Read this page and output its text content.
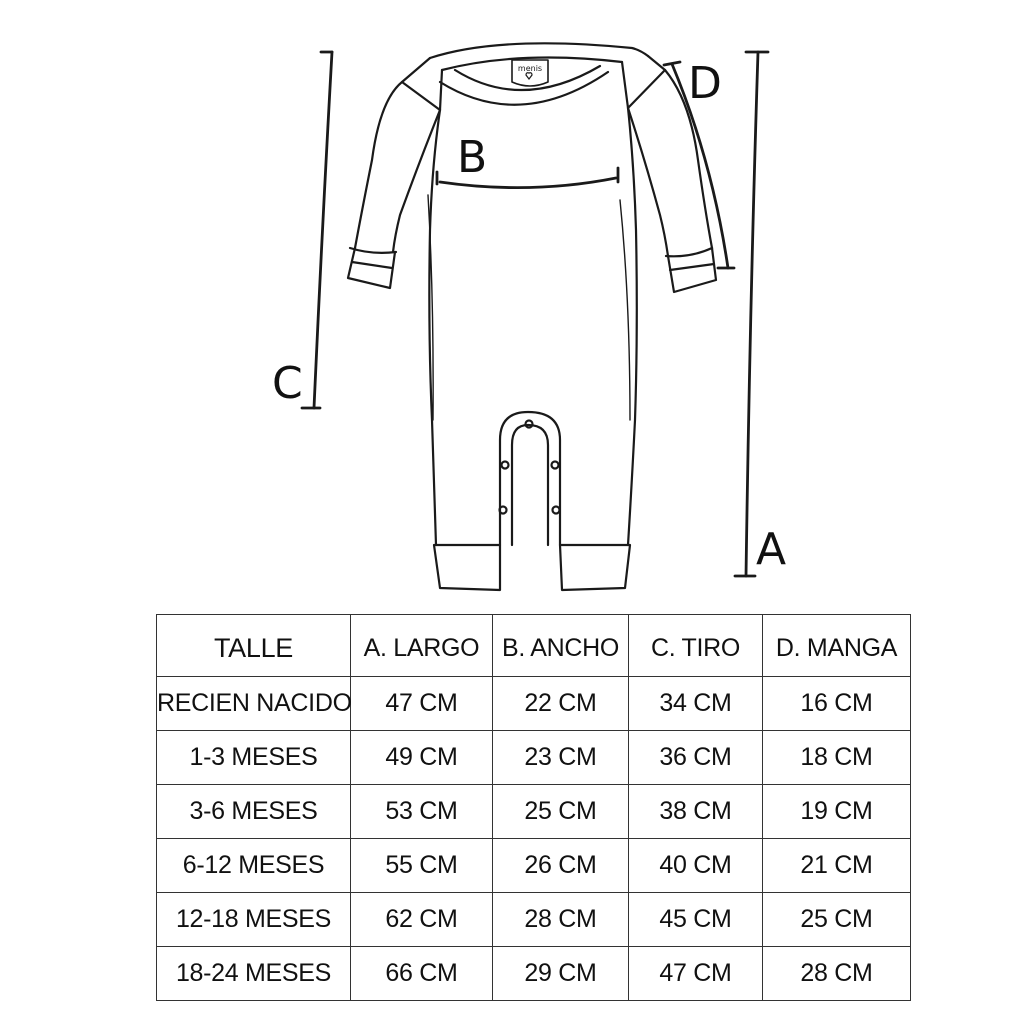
menis	D
B
C
A
TALLE	A. LARGO	B. ANCHO	C. TIRO	D. MANGA
RECIEN NACIDO	47 CM	22 CM	34 CM	16 CM
1-3 MESES	49 CM	23 CM	36 CM	18 CM
3-6 MESES	53 CM	25 CM	38 CM	19 CM
6-12 MESES	55 CM	26 CM	40 CM	21 CM
12-18 MESES	62 CM	28 CM	45 CM	25 CM
18-24 MESES	66 CM	29 CM	47 CM	28 CM
